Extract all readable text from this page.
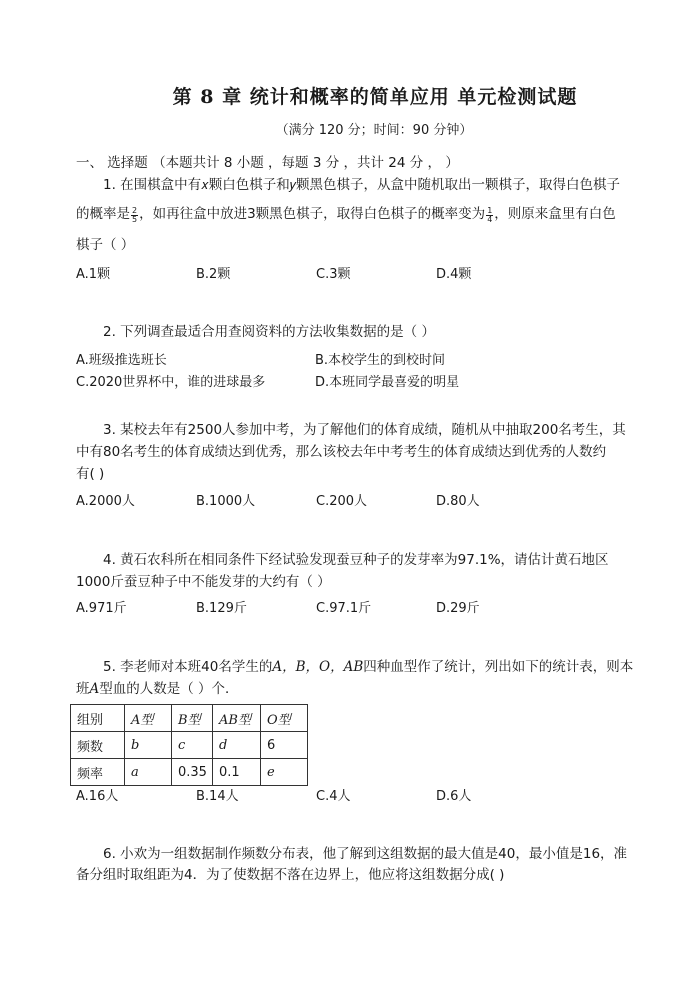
第 8 章 统计和概率的简单应用 单元检测试题
（满分 120 分；时间：90 分钟）
一、 选择题 （本题共计 8 小题 ，每题 3 分 ，共计 24 分 ， ）
1. 在围棋盒中有𝑥颗白色棋子和𝑦颗黑色棋子，从盒中随机取出一颗棋子，取得白色棋子
的概率是 $\frac{2}{5}$ ，如再往盒中放进3颗黑色棋子，取得白色棋子的概率变为 $\frac{1}{4}$ ，则原来盒里有白色
棋子（ ）
A.1颗	B.2颗	C.3颗	D.4颗
2. 下列调查最适合用查阅资料的方法收集数据的是（ ）
A.班级推选班长	B.本校学生的到校时间
C.2020世界杯中，谁的进球最多	D.本班同学最喜爱的明星
3. 某校去年有2500人参加中考，为了解他们的体育成绩，随机从中抽取200名考生，其
中有80名考生的体育成绩达到优秀，那么该校去年中考考生的体育成绩达到优秀的人数约
有( )
A.2000人	B.1000人	C.200人	D.80人
4. 黄石农科所在相同条件下经试验发现蚕豆种子的发芽率为97.1%，请估计黄石地区
1000斤蚕豆种子中不能发芽的大约有（ ）
A.971斤	B.129斤	C.97.1斤	D.29斤
5. 李老师对本班40名学生的A，B，O，AB四种血型作了统计，列出如下的统计表，则本
班A型血的人数是（ ）个．
组别	A型	B型	AB型	O型
频数	b	c	d	6
频率	a	0.35	0.1	e
A.16人	B.14人	C.4人	D.6人
6. 小欢为一组数据制作频数分布表，他了解到这组数据的最大值是40，最小值是16，准
备分组时取组距为4．为了使数据不落在边界上，他应将这组数据分成( )
